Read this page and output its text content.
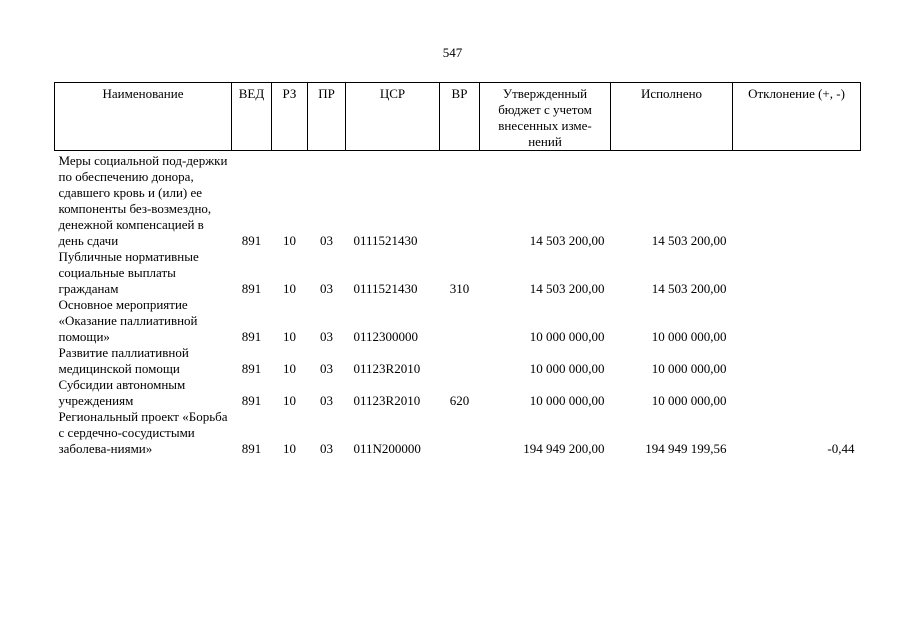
547
Наименование	ВЕД	РЗ	ПР	ЦСР	ВР	Утвержденный бюджет с учетом внесенных изме-нений	Исполнено	Отклонение (+, -)
Меры социальной под-держки по обеспечению донора, сдавшего кровь и (или) ее компоненты без-возмездно, денежной компенсацией в день сдачи	891	10	03	0111521430		14 503 200,00	14 503 200,00	
Публичные нормативные социальные выплаты гражданам	891	10	03	0111521430	310	14 503 200,00	14 503 200,00	
Основное мероприятие «Оказание паллиативной помощи»	891	10	03	0112300000		10 000 000,00	10 000 000,00	
Развитие паллиативной медицинской помощи	891	10	03	01123R2010		10 000 000,00	10 000 000,00	
Субсидии автономным учреждениям	891	10	03	01123R2010	620	10 000 000,00	10 000 000,00	
Региональный проект «Борьба с сердечно-сосудистыми заболева-ниями»	891	10	03	011N200000		194 949 200,00	194 949 199,56	-0,44
